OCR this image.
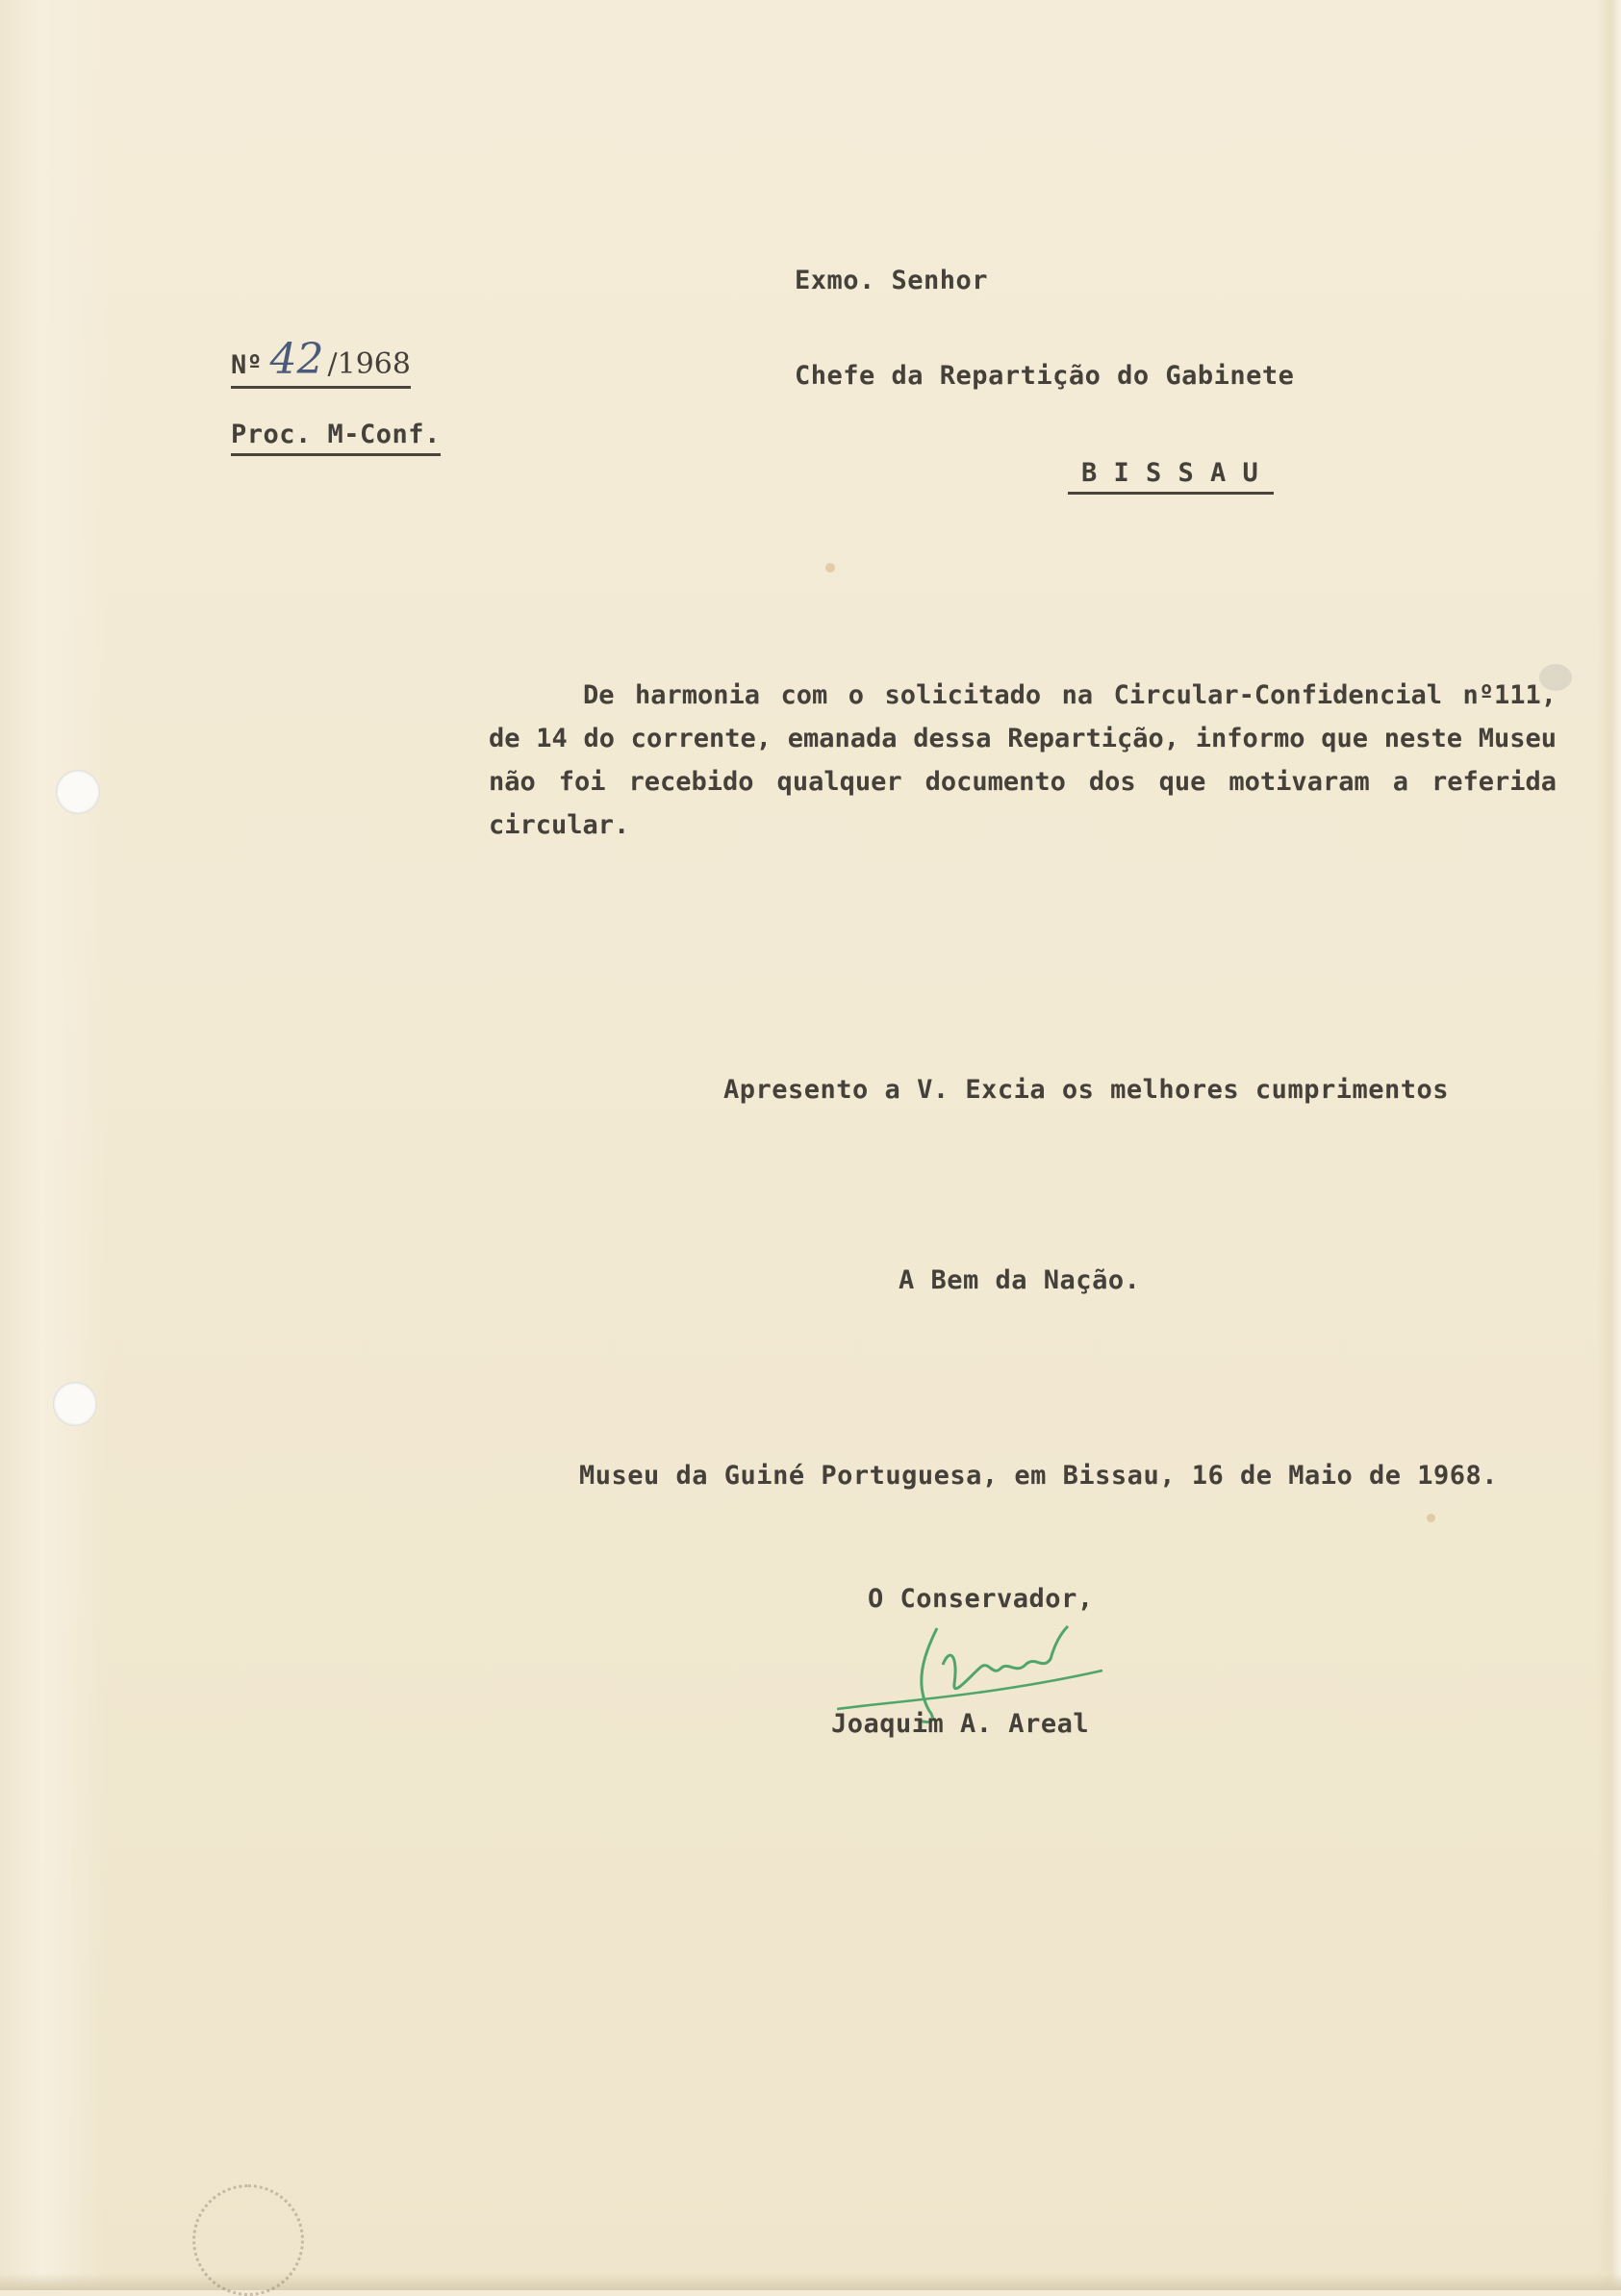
Exmo. Senhor
Nº 42 /1968
Proc. M-Conf.
Chefe da Repartição do Gabinete
B I S S A U
De harmonia com o solicitado na Circular-Confidencial nº111, de 14 do corrente, emanada dessa Repartição, informo que neste Museu não foi recebido qualquer documento dos que motivaram a referida circular.
Apresento a V. Excia os melhores cumprimentos
A Bem da Nação.
Museu da Guiné Portuguesa, em Bissau, 16 de Maio de 1968.
O Conservador,
Joaquim A. Areal
